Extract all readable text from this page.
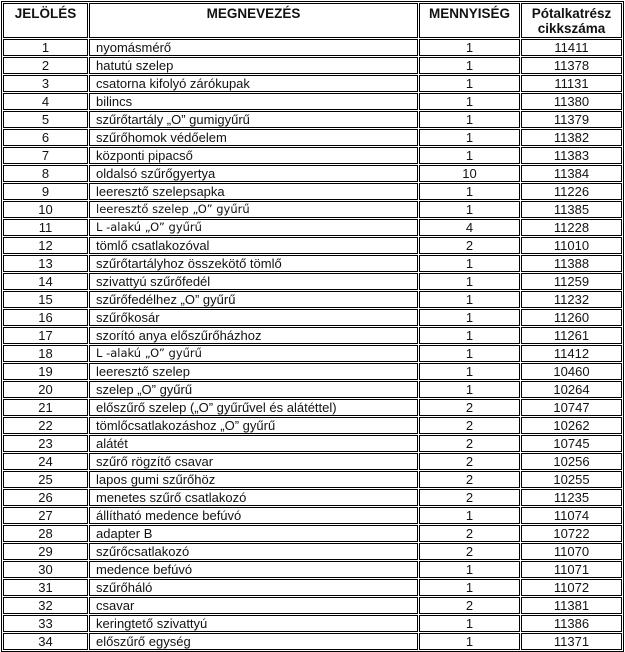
JELÖLÉS	MEGNEVEZÉS	MENNYISÉG	Pótalkatrész cikkszáma
1	nyomásmérő	1	11411
2	hatutú szelep	1	11378
3	csatorna kifolyó zárókupak	1	11131
4	bilincs	1	11380
5	szűrőtartály „O” gumigyűrű	1	11379
6	szűrőhomok védőelem	1	11382
7	központi pipacső	1	11383
8	oldalsó szűrőgyertya	10	11384
9	leeresztő szelepsapka	1	11226
10	leeresztő szelep „O” gyűrű	1	11385
11	L -alakú „O” gyűrű	4	11228
12	tömlő csatlakozóval	2	11010
13	szűrőtartályhoz összekötő tömlő	1	11388
14	szivattyú szűrőfedél	1	11259
15	szűrőfedélhez „O” gyűrű	1	11232
16	szűrőkosár	1	11260
17	szorító anya előszűrőházhoz	1	11261
18	L -alakú „O” gyűrű	1	11412
19	leeresztő szelep	1	10460
20	szelep „O” gyűrű	1	10264
21	előszűrő szelep („O” gyűrűvel és alátéttel)	2	10747
22	tömlőcsatlakozáshoz „O” gyűrű	2	10262
23	alátét	2	10745
24	szűrő rögzítő csavar	2	10256
25	lapos gumi szűrőhöz	2	10255
26	menetes szűrő csatlakozó	2	11235
27	állítható medence befúvó	1	11074
28	adapter B	2	10722
29	szűrőcsatlakozó	2	11070
30	medence befúvó	1	11071
31	szűrőháló	1	11072
32	csavar	2	11381
33	keringtető szivattyú	1	11386
34	előszűrő egység	1	11371
